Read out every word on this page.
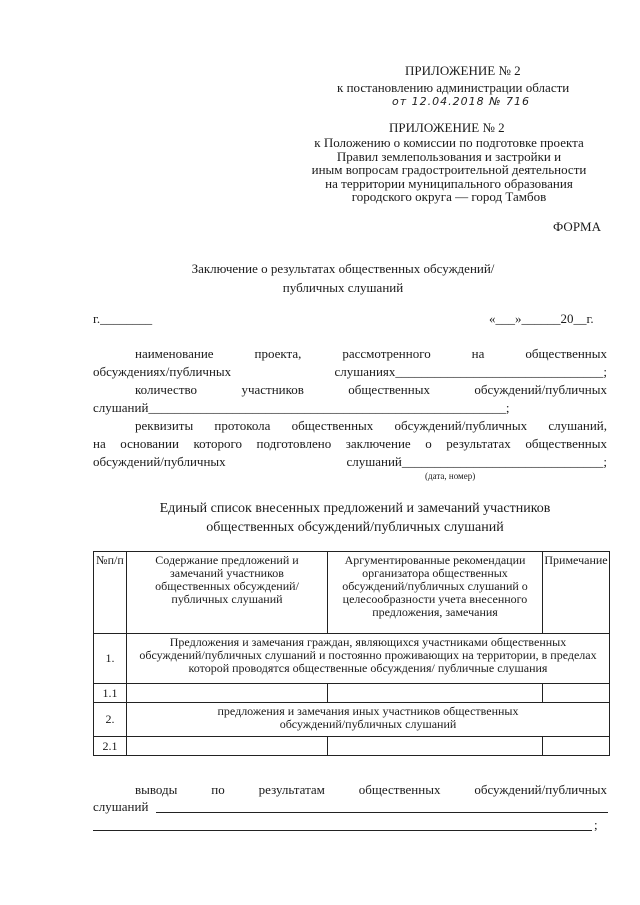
ПРИЛОЖЕНИЕ № 2
к постановлению администрации области
от 12.04.2018 № 716
ПРИЛОЖЕНИЕ № 2
к Положению о комиссии по подготовке проекта
Правил землепользования и застройки и
иным вопросам градостроительной деятельности
на территории муниципального образования
городского округа — город Тамбов
ФОРМА
Заключение о результатах общественных обсуждений/
публичных слушаний
г.________	«___»______20__г.
наименование проекта, рассмотренного на общественных
обсуждениях/публичных слушаниях________________________________;
количество участников общественных обсуждений/публичных
слушаний_______________________________________________________;
реквизиты протокола общественных обсуждений/публичных слушаний,
на основании которого подготовлено заключение о результатах общественных
обсуждений/публичных слушаний_______________________________;
(дата, номер)
Единый список внесенных предложений и замечаний участников
общественных обсуждений/публичных слушаний
№п/п	Содержание предложений и замечаний участников общественных обсуждений/публичных слушаний	Аргументированные рекомендации организатора общественных обсуждений/публичных слушаний о целесообразности учета внесенного предложения, замечания	Примечание
1.	Предложения и замечания граждан, являющихся участниками общественных обсуждений/публичных слушаний и постоянно проживающих на территории, в пределах которой проводятся общественные обсуждения/ публичные слушания		
1.1			
2.	предложения и замечания иных участников общественных обсуждений/публичных слушаний		
2.1			
выводы по результатам общественных обсуждений/публичных
слушаний
;
